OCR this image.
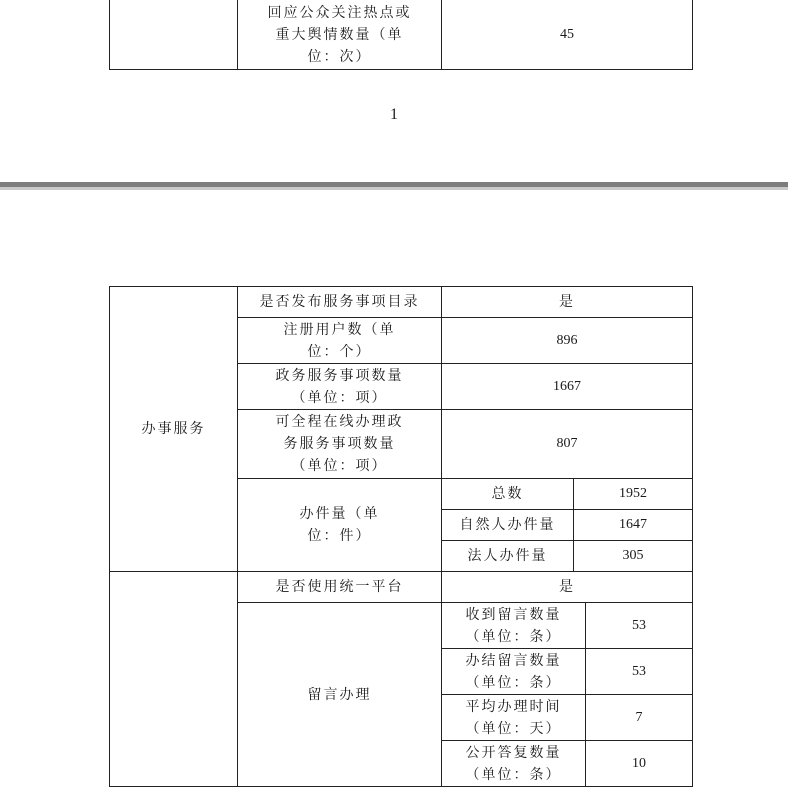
	回应公众关注热点或重大舆情数量（单位：次）	45
1
办事服务	是否发布服务事项目录	是	
	注册用户数（单位：个）	896	
	政务服务事项数量（单位：项）	1667	
	可全程在线办理政务服务事项数量（单位：项）	807	
	办件量（单位：件）	总数	1952
		自然人办件量	1647
		法人办件量	305
	是否使用统一平台	是	
	留言办理	收到留言数量（单位：条）	53
		办结留言数量（单位：条）	53
		平均办理时间（单位：天）	7
		公开答复数量（单位：条）	10
